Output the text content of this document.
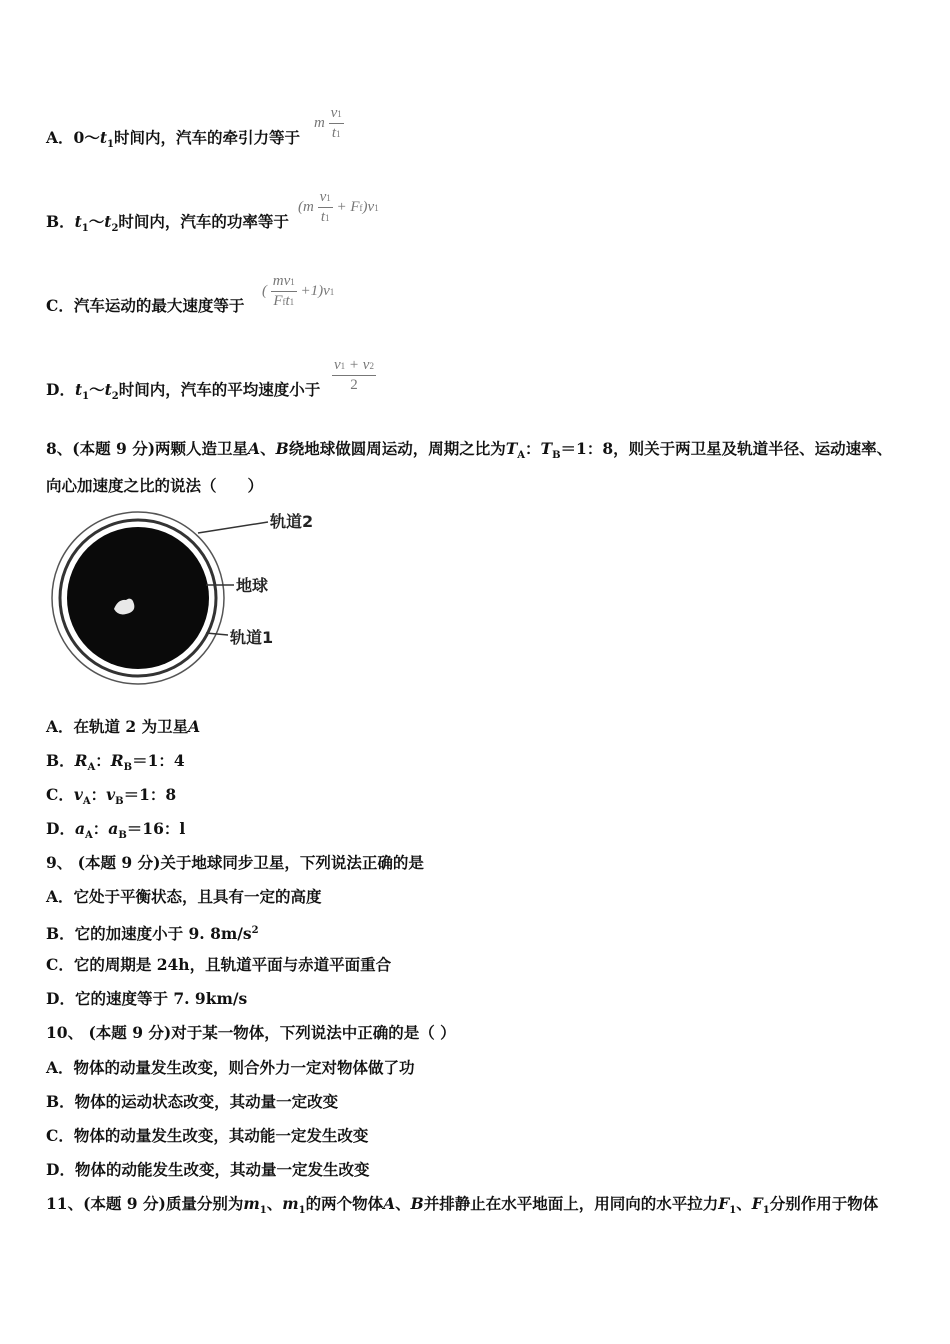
A．$0\sim t_1$时间内，汽车的牵引力等于
m $\frac{v1}{t1}$
B．$t_1\sim t_2$时间内，汽车的功率等于
$(m \frac{v1}{t1} + Ff)v1$
C．汽车运动的最大速度等于
( $\frac{mv1}{\text{Fft1}} +1)v1$
D．$t_1\sim t_2$时间内，汽车的平均速度小于 $\frac{v1 + v2}{2}$
8、(本题 9 分)两颗人造卫星A、B绕地球做圆周运动，周期之比为$T_A$：$T_B=1$：8，则关于两卫星及轨道半径、运动速率、
向心加速度之比的说法（　　）
轨道2
地球
轨道1
A．在轨道 2 为卫星A
B．$R_A$：$R_B=1$：4
C．$v_A$：$v_B=1$：8
D．$a_A$：$a_B=16$：l
9、 (本题 9 分)关于地球同步卫星，下列说法正确的是
A．它处于平衡状态，且具有一定的高度
B．它的加速度小于 9. $8m/s^2$
C．它的周期是 24h，且轨道平面与赤道平面重合
D．它的速度等于 7. 9km/s
10、 (本题 9 分)对于某一物体，下列说法中正确的是（ ）
A．物体的动量发生改变，则合外力一定对物体做了功
B．物体的运动状态改变，其动量一定改变
C．物体的动量发生改变，其动能一定发生改变
D．物体的动能发生改变，其动量一定发生改变
11、(本题 9 分)质量分别为$m_1$、$m_1$的两个物体A、B并排静止在水平地面上，用同向的水平拉力$F_1$、$F_1$分别作用于物体
